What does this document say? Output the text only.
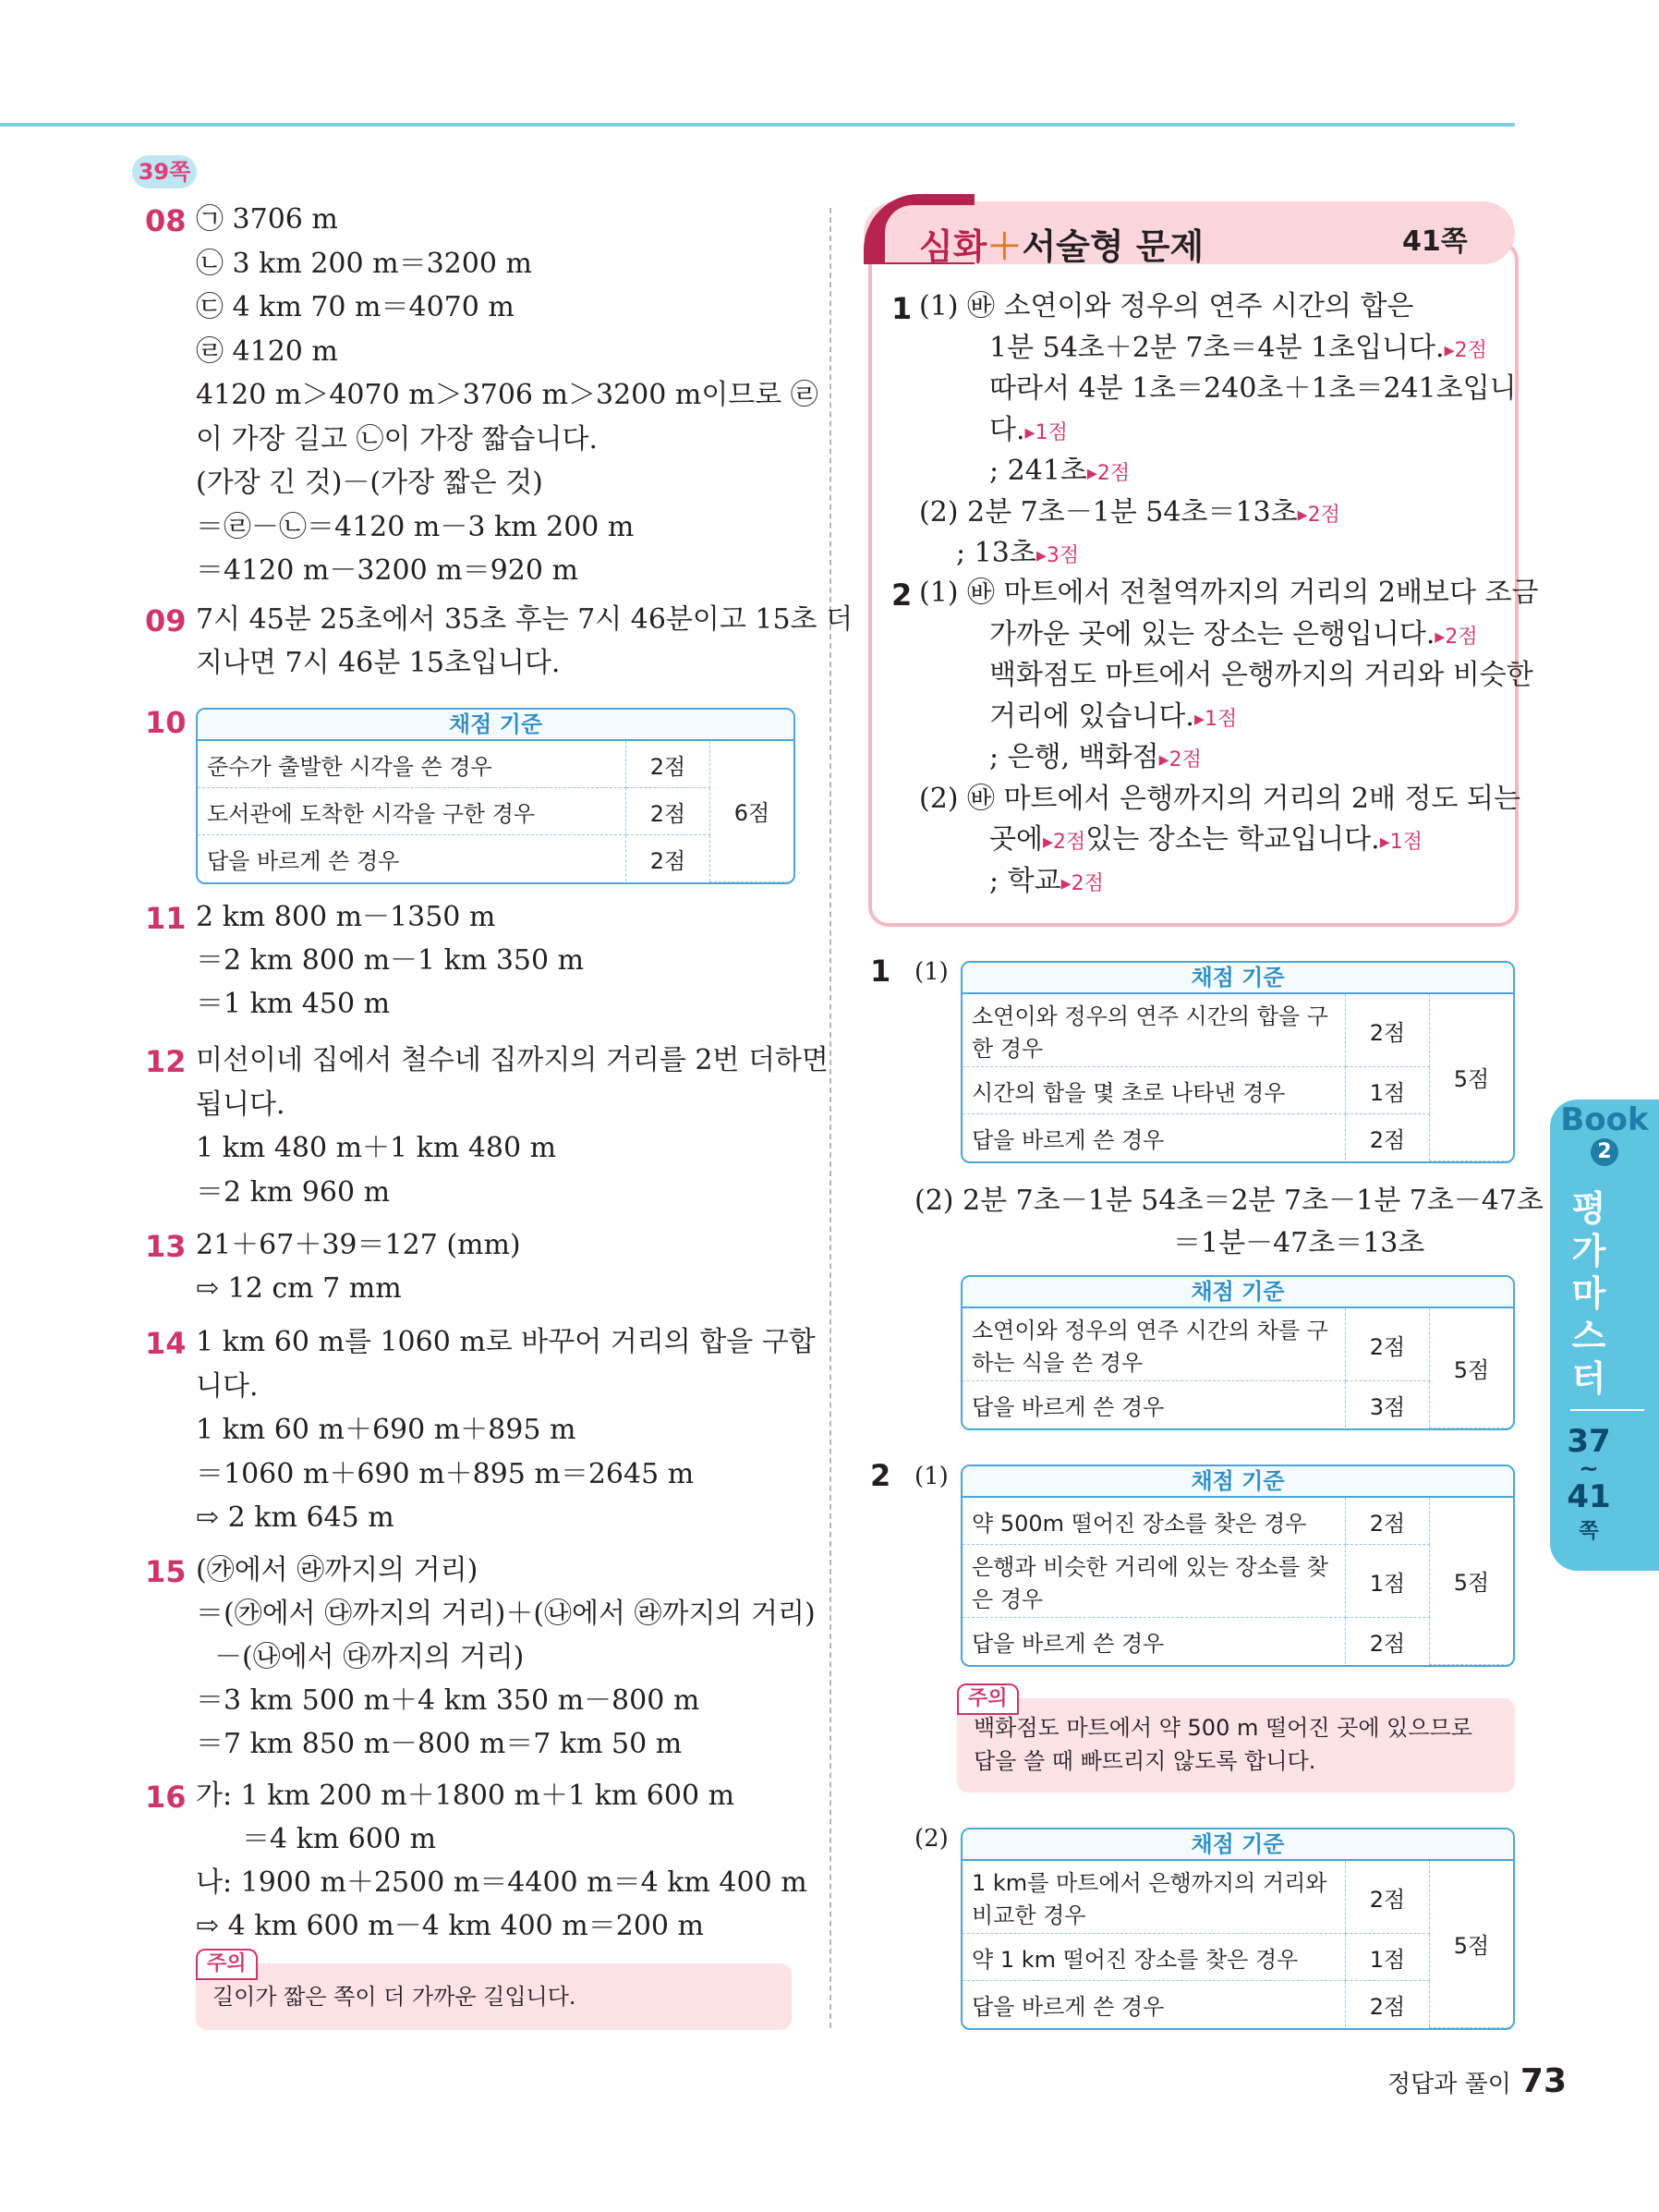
39쪽
08 ㉠ 3706 m
㉡ 3 km 200 m＝3200 m
㉢ 4 km 70 m＝4070 m
㉣ 4120 m
4120 m＞4070 m＞3706 m＞3200 m이므로 ㉣
이 가장 길고 ㉡이 가장 짧습니다.
(가장 긴 것)－(가장 짧은 것)
＝㉣－㉡＝4120 m－3 km 200 m
＝4120 m－3200 m＝920 m
09 7시 45분 25초에서 35초 후는 7시 46분이고 15초 더
지나면 7시 46분 15초입니다.
10	채점 기준
준수가 출발한 시각을 쓴 경우	2점	6점
도서관에 도착한 시각을 구한 경우	2점	
답을 바르게 쓴 경우	2점	
11 2 km 800 m－1350 m
＝2 km 800 m－1 km 350 m
＝1 km 450 m
12 미선이네 집에서 철수네 집까지의 거리를 2번 더하면
됩니다.
1 km 480 m＋1 km 480 m
＝2 km 960 m
13 21＋67＋39＝127 (mm)
⇨ 12 cm 7 mm
14 1 km 60 m를 1060 m로 바꾸어 거리의 합을 구합
니다.
1 km 60 m＋690 m＋895 m
＝1060 m＋690 m＋895 m＝2645 m
⇨ 2 km 645 m
15 (㉮에서 ㉱까지의 거리)
＝(㉮에서 ㉰까지의 거리)＋(㉯에서 ㉱까지의 거리)
－(㉯에서 ㉰까지의 거리)
＝3 km 500 m＋4 km 350 m－800 m
＝7 km 850 m－800 m＝7 km 50 m
16 가: 1 km 200 m＋1800 m＋1 km 600 m
＝4 km 600 m
나: 1900 m＋2500 m＝4400 m＝4 km 400 m
⇨ 4 km 600 m－4 km 400 m＝200 m
주의
길이가 짧은 쪽이 더 가까운 길입니다.
심화＋서술형 문제	41쪽
1 (1) ㉳ 소연이와 정우의 연주 시간의 합은
1분 54초＋2분 7초＝4분 1초입니다.▸2점
따라서 4분 1초＝240초＋1초＝241초입니
다.▸1점
; 241초▸2점
(2) 2분 7초－1분 54초＝13초▸2점
; 13초▸3점
2 (1) ㉳ 마트에서 전철역까지의 거리의 2배보다 조금
가까운 곳에 있는 장소는 은행입니다.▸2점
백화점도 마트에서 은행까지의 거리와 비슷한
거리에 있습니다.▸1점
; 은행, 백화점▸2점
(2) ㉳ 마트에서 은행까지의 거리의 2배 정도 되는
곳에▸2점있는 장소는 학교입니다.▸1점
; 학교▸2점
1 (1)	채점 기준
소연이와 정우의 연주 시간의 합을 구한 경우	2점	5점
시간의 합을 몇 초로 나타낸 경우	1점	
답을 바르게 쓴 경우	2점	
(2) 2분 7초－1분 54초＝2분 7초－1분 7초－47초
＝1분－47초＝13초
채점 기준
소연이와 정우의 연주 시간의 차를 구하는 식을 쓴 경우	2점	5점
답을 바르게 쓴 경우	3점	
2 (1)	채점 기준
약 500m 떨어진 장소를 찾은 경우	2점	5점
은행과 비슷한 거리에 있는 장소를 찾은 경우	1점	
답을 바르게 쓴 경우	2점	
주의
백화점도 마트에서 약 500 m 떨어진 곳에 있으므로
답을 쓸 때 빠뜨리지 않도록 합니다.
(2)	채점 기준
1 km를 마트에서 은행까지의 거리와 비교한 경우	2점	5점
약 1 km 떨어진 장소를 찾은 경우	1점	
답을 바르게 쓴 경우	2점	
Book
2
평
가
마
스
터
37
~
41
쪽
정답과 풀이 73
